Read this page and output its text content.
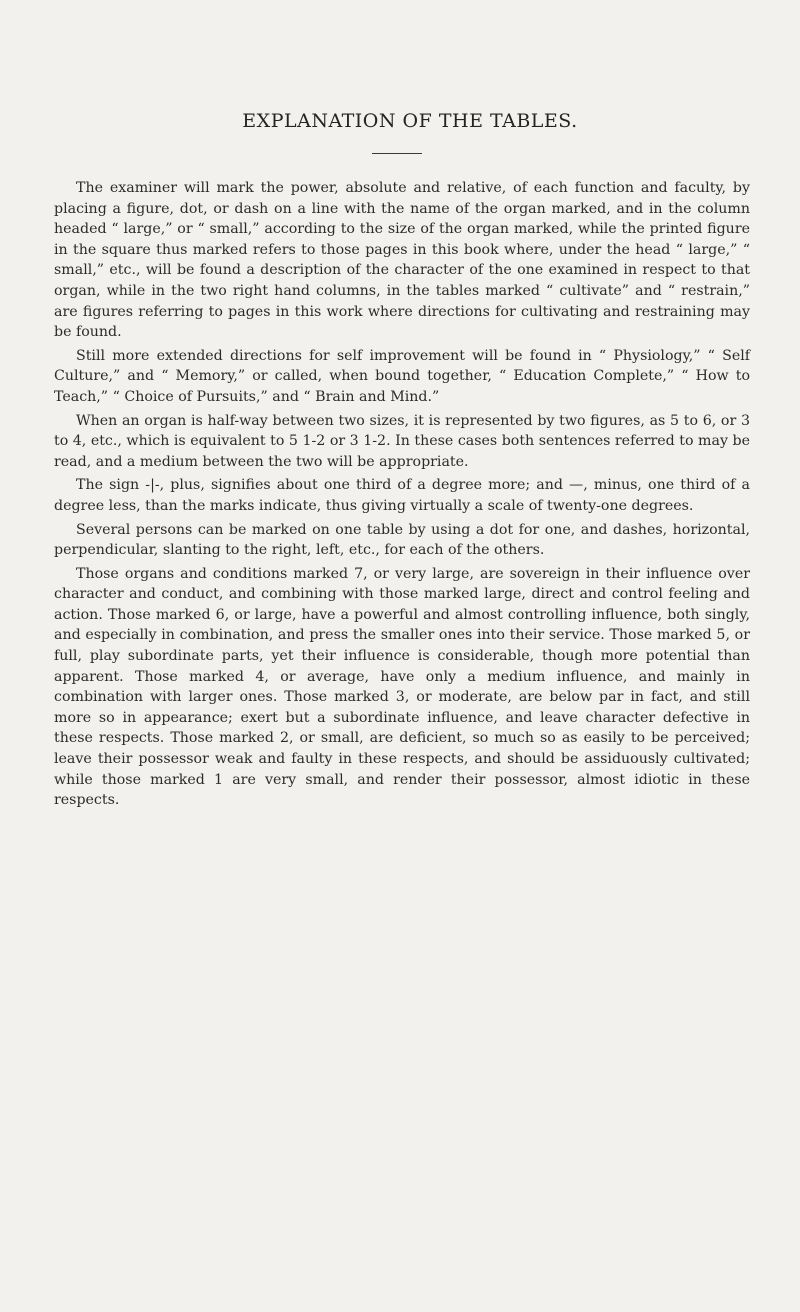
EXPLANATION OF THE TABLES.

The examiner will mark the power, absolute and relative, of each function and faculty, by placing a figure, dot, or dash on a line with the name of the organ marked, and in the column headed “ large,” or “ small,” according to the size of the organ marked, while the printed figure in the square thus marked refers to those pages in this book where, under the head “ large,” “ small,” etc., will be found a description of the character of the one examined in respect to that organ, while in the two right hand columns, in the tables marked “ cultivate” and “ restrain,” are figures referring to pages in this work where directions for cultivating and restraining may be found.

Still more extended directions for self improvement will be found in “ Physiology,” “ Self Culture,” and “ Memory,” or called, when bound together, “ Education Complete,” “ How to Teach,” “ Choice of Pursuits,” and “ Brain and Mind.”

When an organ is half-way between two sizes, it is represented by two figures, as 5 to 6, or 3 to 4, etc., which is equivalent to 5 1-2 or 3 1-2. In these cases both sentences referred to may be read, and a medium between the two will be appropriate.

The sign -|-, plus, signifies about one third of a degree more; and —, minus, one third of a degree less, than the marks indicate, thus giving virtually a scale of twenty-one degrees.

Several persons can be marked on one table by using a dot for one, and dashes, horizontal, perpendicular, slanting to the right, left, etc., for each of the others.

Those organs and conditions marked 7, or very large, are sovereign in their influence over character and conduct, and combining with those marked large, direct and control feeling and action. Those marked 6, or large, have a powerful and almost controlling influence, both singly, and especially in combination, and press the smaller ones into their service. Those marked 5, or full, play subordinate parts, yet their influence is considerable, though more potential than apparent. Those marked 4, or average, have only a medium influence, and mainly in combination with larger ones. Those marked 3, or moderate, are below par in fact, and still more so in appearance; exert but a subordinate influence, and leave character defective in these respects. Those marked 2, or small, are deficient, so much so as easily to be perceived; leave their possessor weak and faulty in these respects, and should be assiduously cultivated; while those marked 1 are very small, and render their possessor, almost idiotic in these respects.
